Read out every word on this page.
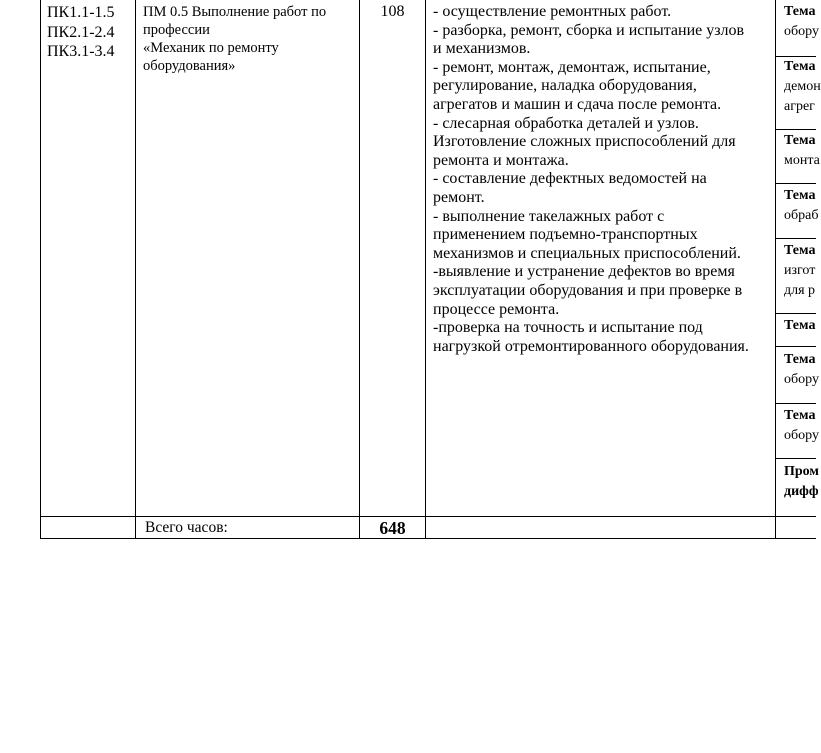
ПК1.1-1.5
ПК2.1-2.4
ПК3.1-3.4
ПМ 0.5 Выполнение работ по
профессии
«Механик по ремонту
оборудования»
108	- осуществление ремонтных работ.
- разборка, ремонт, сборка и испытание узлов
и механизмов.
- ремонт, монтаж, демонтаж, испытание,
регулирование, наладка оборудования,
агрегатов и машин и сдача после ремонта.
- слесарная обработка деталей и узлов.
Изготовление сложных приспособлений для
ремонта и монтажа.
- составление дефектных ведомостей на
ремонт.
- выполнение такелажных работ с
применением подъемно-транспортных
механизмов и специальных приспособлений.
-выявление и устранение дефектов во время
эксплуатации оборудования и при проверке в
процессе ремонта.
-проверка на точность и испытание под
нагрузкой отремонтированного оборудования.
Тема
обору
Тема
демон
агрег
Тема
монта
Тема
обраб
Тема
изгот
для р
Тема
Тема
обору
Тема
обору
Пром
дифф
Всего часов:	648
